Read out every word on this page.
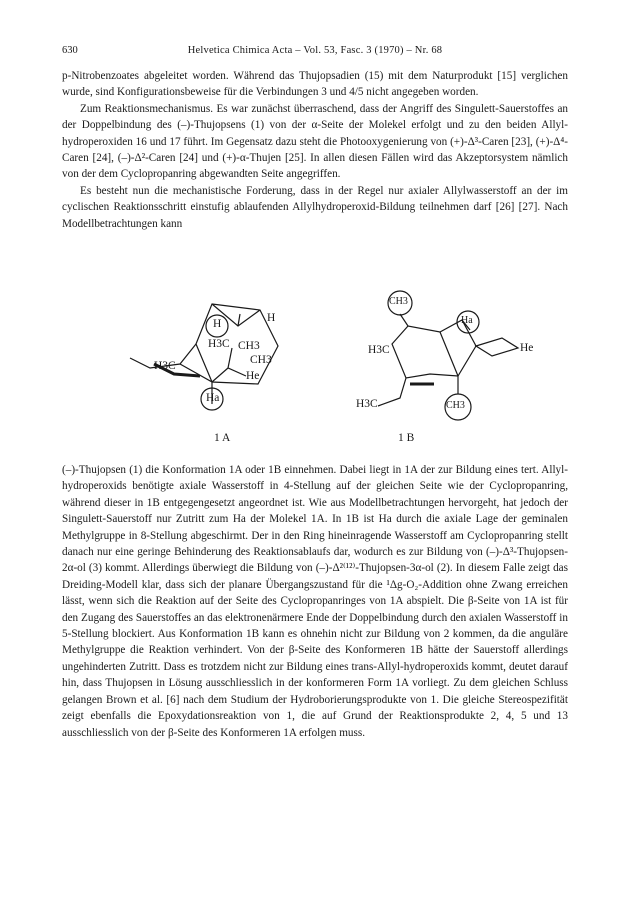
630	Helvetica Chimica Acta – Vol. 53, Fasc. 3 (1970) – Nr. 68

p-Nitrobenzoates abgeleitet worden. Während das Thujopsadien (15) mit dem Naturprodukt [15] verglichen wurde, sind Konfigurationsbeweise für die Verbindungen 3 und 4/5 nicht angegeben worden.

Zum Reaktionsmechanismus. Es war zunächst überraschend, dass der Angriff des Singulett-Sauerstoffes an der Doppelbindung des (–)-Thujopsens (1) von der α-Seite der Molekel erfolgt und zu den beiden Allyl-hydroperoxiden 16 und 17 führt. Im Gegensatz dazu steht die Photooxygenierung von (+)-Δ³-Caren [23], (+)-Δ⁴-Caren [24], (–)-Δ²-Caren [24] und (+)-α-Thujen [25]. In allen diesen Fällen wird das Akzeptorsystem nämlich von der dem Cyclopropanring abgewandten Seite angegriffen.

Es besteht nun die mechanistische Forderung, dass in der Regel nur axialer Allylwasserstoff an der im cyclischen Reaktionsschritt einstufig ablaufenden Allylhydroperoxid-Bildung teilnehmen darf [26] [27]. Nach Modellbetrachtungen kann

H	H
H3C CH3
CH3
H3C
He
Ha
CH3
Ha
H3C	He
H3C	CH3
1 A	1 B

(–)-Thujopsen (1) die Konformation 1A oder 1B einnehmen. Dabei liegt in 1A der zur Bildung eines tert. Allyl-hydroperoxids benötigte axiale Wasserstoff in 4-Stellung auf der gleichen Seite wie der Cyclopropanring, während dieser in 1B entgegengesetzt angeordnet ist. Wie aus Modellbetrachtungen hervorgeht, hat jedoch der Singulett-Sauerstoff nur Zutritt zum Ha der Molekel 1A. In 1B ist Ha durch die axiale Lage der geminalen Methylgruppe in 8-Stellung abgeschirmt. Der in den Ring hineinragende Wasserstoff am Cyclopropanring stellt danach nur eine geringe Behinderung des Reaktionsablaufs dar, wodurch es zur Bildung von (–)-Δ³-Thujopsen-2α-ol (3) kommt. Allerdings überwiegt die Bildung von (–)-Δ²⁽¹²⁾-Thujopsen-3α-ol (2). In diesem Falle zeigt das Dreiding-Modell klar, dass sich der planare Übergangszustand für die ¹Δg-O₂-Addition ohne Zwang erreichen lässt, wenn sich die Reaktion auf der Seite des Cyclopropanringes von 1A abspielt. Die β-Seite von 1A ist für den Zugang des Sauerstoffes an das elektronenärmere Ende der Doppelbindung durch den axialen Wasserstoff in 5-Stellung blockiert. Aus Konformation 1B kann es ohnehin nicht zur Bildung von 2 kommen, da die anguläre Methylgruppe die Reaktion verhindert. Von der β-Seite des Konformeren 1B hätte der Sauerstoff allerdings ungehinderten Zutritt. Dass es trotzdem nicht zur Bildung eines trans-Allyl-hydroperoxids kommt, deutet darauf hin, dass Thujopsen in Lösung ausschliesslich in der konformeren Form 1A vorliegt. Zu dem gleichen Schluss gelangen Brown et al. [6] nach dem Studium der Hydroborierungsprodukte von 1. Die gleiche Stereospezifität zeigt ebenfalls die Epoxydationsreaktion von 1, die auf Grund der Reaktionsprodukte 2, 4, 5 und 13 ausschliesslich von der β-Seite des Konformeren 1A erfolgen muss.
